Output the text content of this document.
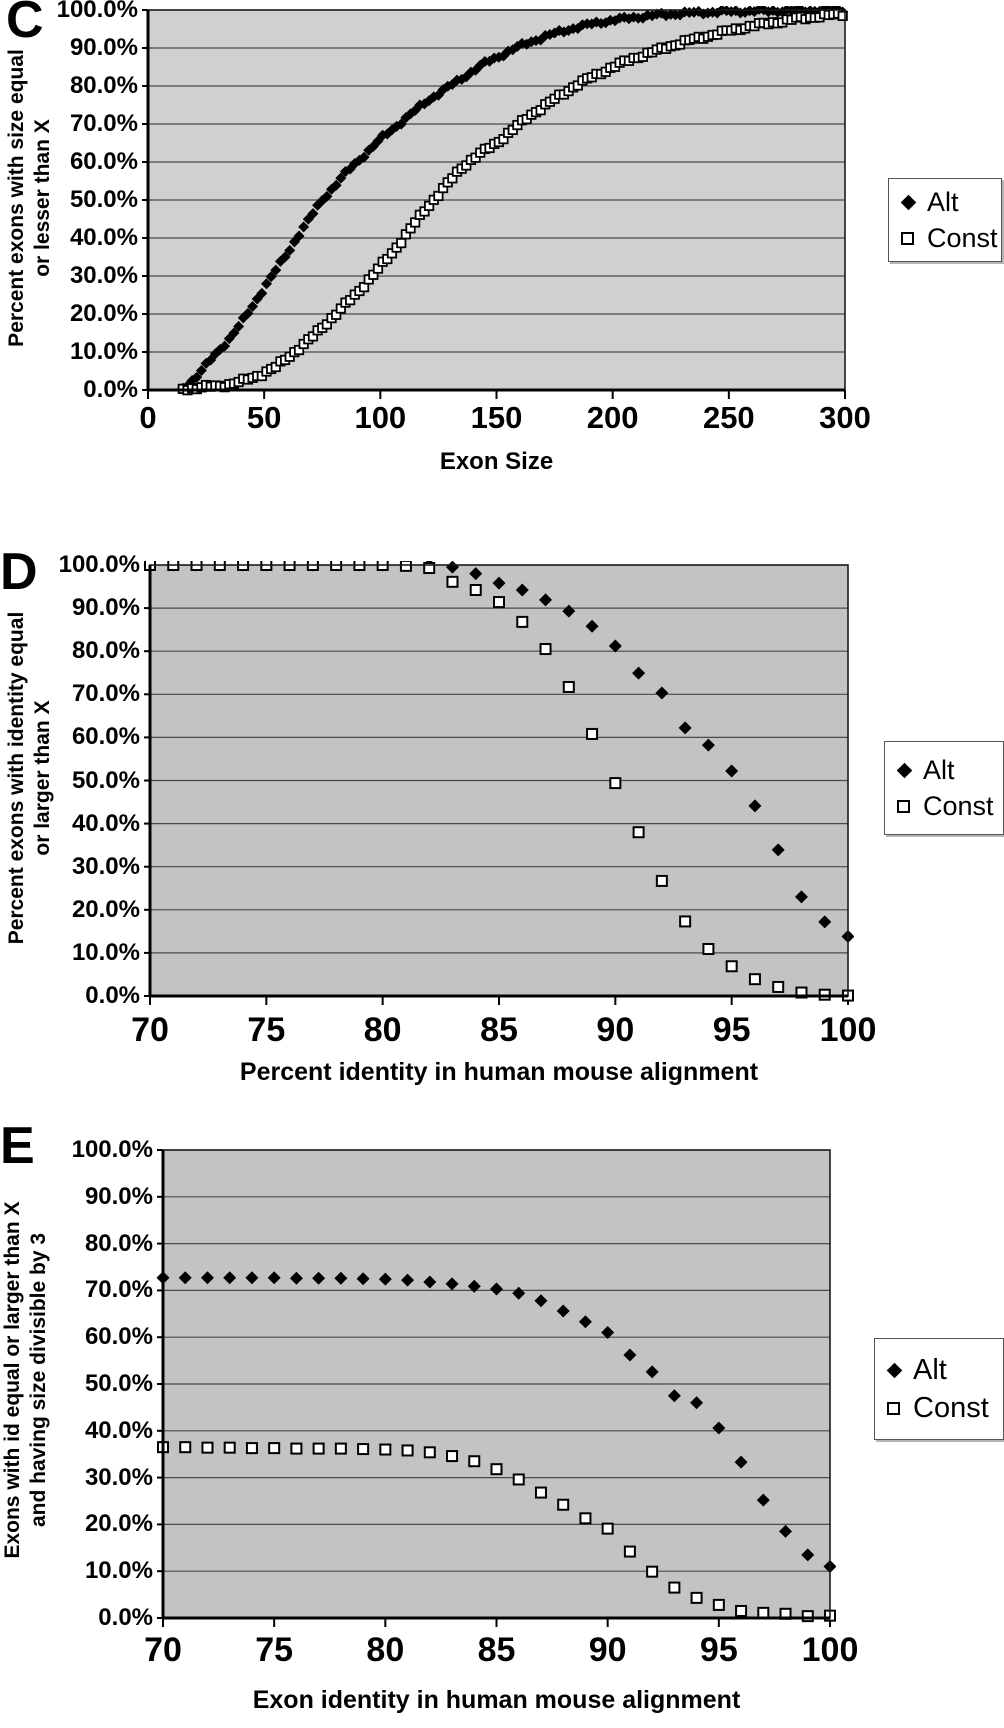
C
Percent exons with size equal or lesser than X
Exon Size
Alt
Const
100.0%
90.0%
80.0%
70.0%
60.0%
50.0%
40.0%
30.0%
20.0%
10.0%
0.0%
0	50	100	150	200	250	300
D
Percent exons with identity equal or larger than X
Percent identity in human mouse alignment
Alt
Const
100.0%
90.0%
80.0%
70.0%
60.0%
50.0%
40.0%
30.0%
20.0%
10.0%
0.0%
70	75	80	85	90	95	100
E
Exons with id equal or larger than X and having size divisible by 3
Exon identity in human mouse alignment
Alt
Const
100.0%
90.0%
80.0%
70.0%
60.0%
50.0%
40.0%
30.0%
20.0%
10.0%
0.0%
70	75	80	85	90	95	100
